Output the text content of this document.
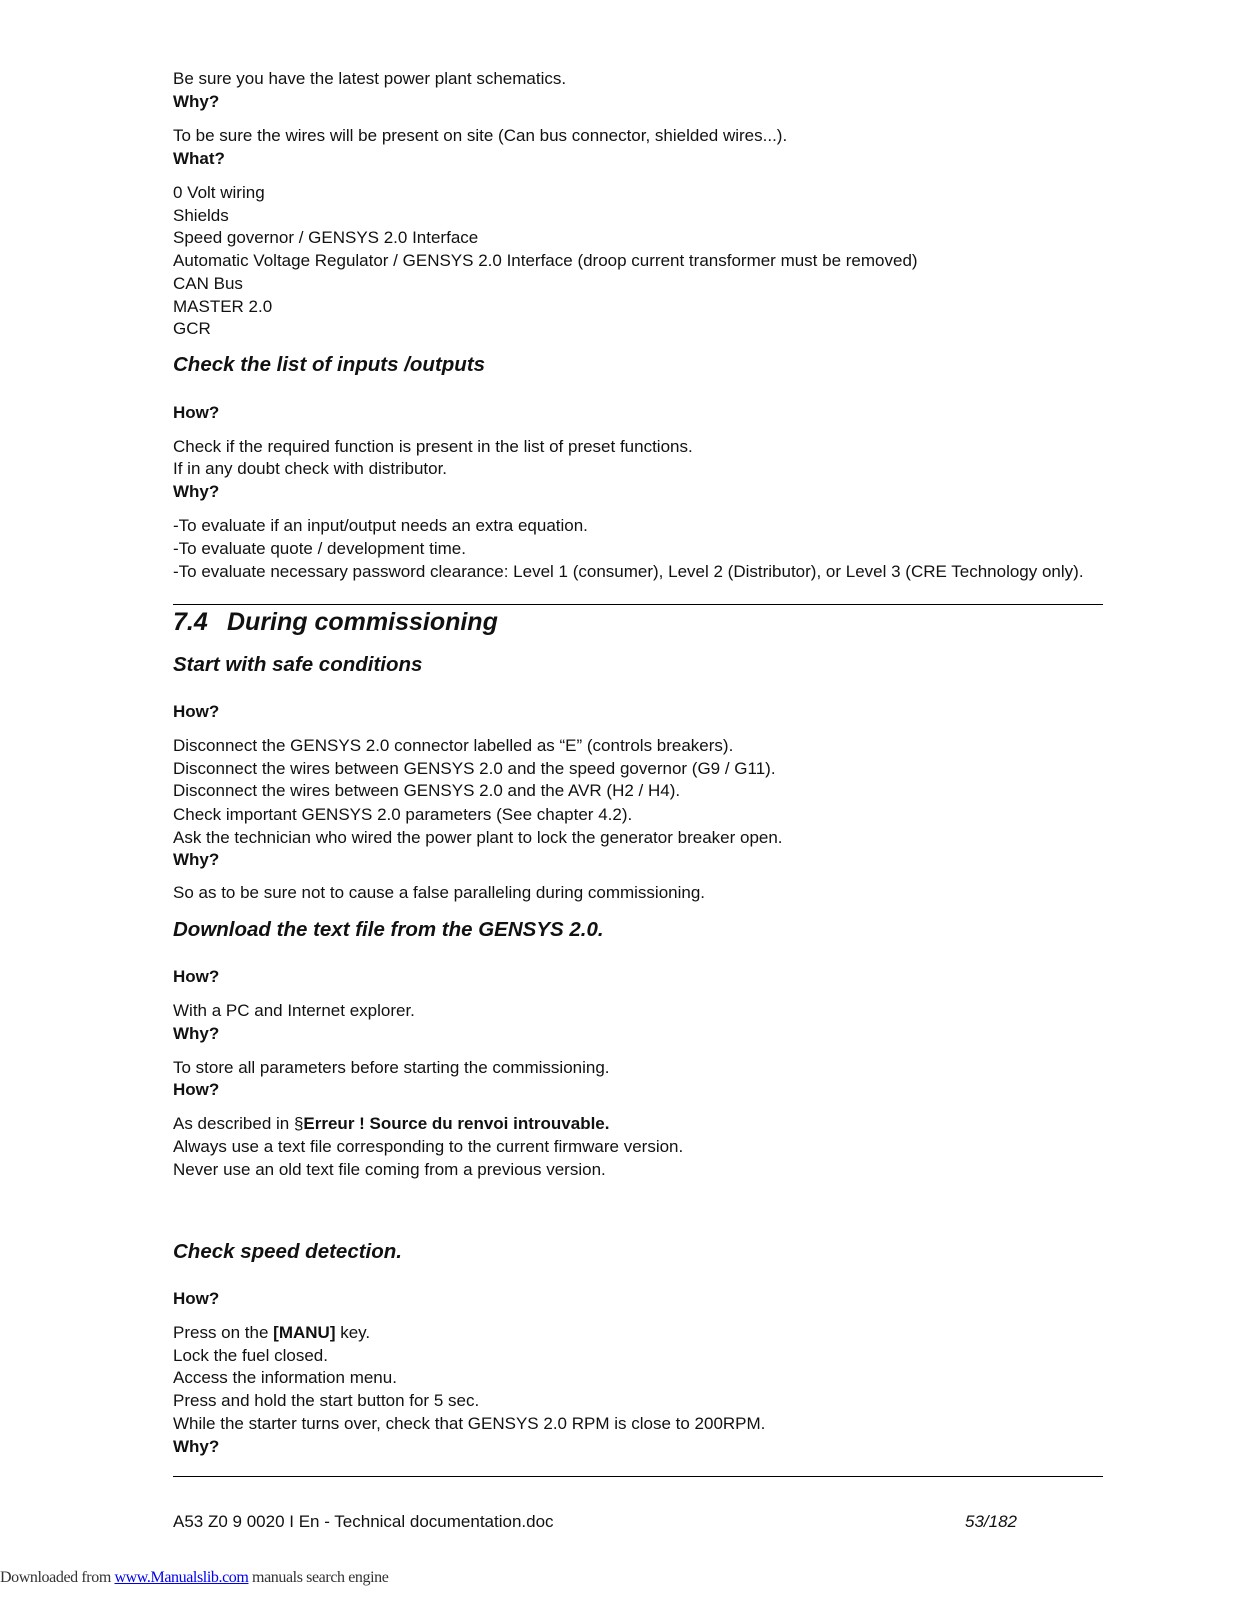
Be sure you have the latest power plant schematics.
Why?
To be sure the wires will be present on site (Can bus connector, shielded wires...).
What?
0 Volt wiring
Shields
Speed governor / GENSYS 2.0 Interface
Automatic Voltage Regulator / GENSYS 2.0 Interface (droop current transformer must be removed)
CAN Bus
MASTER 2.0
GCR
Check the list of inputs /outputs
How?
Check if the required function is present in the list of preset functions.
If in any doubt check with distributor.
Why?
-To evaluate if an input/output needs an extra equation.
-To evaluate quote / development time.
-To evaluate necessary password clearance: Level 1 (consumer), Level 2 (Distributor), or Level 3 (CRE Technology only).
7.4 During commissioning
Start with safe conditions
How?
Disconnect the GENSYS 2.0 connector labelled as “E” (controls breakers).
Disconnect the wires between GENSYS 2.0 and the speed governor (G9 / G11).
Disconnect the wires between GENSYS 2.0 and the AVR (H2 / H4).
Check important GENSYS 2.0 parameters (See chapter 4.2).
Ask the technician who wired the power plant to lock the generator breaker open.
Why?
So as to be sure not to cause a false paralleling during commissioning.
Download the text file from the GENSYS 2.0.
How?
With a PC and Internet explorer.
Why?
To store all parameters before starting the commissioning.
How?
As described in §Erreur ! Source du renvoi introuvable.
Always use a text file corresponding to the current firmware version.
Never use an old text file coming from a previous version.
Check speed detection.
How?
Press on the [MANU] key.
Lock the fuel closed.
Access the information menu.
Press and hold the start button for 5 sec.
While the starter turns over, check that GENSYS 2.0 RPM is close to 200RPM.
Why?
A53 Z0 9 0020 I En - Technical documentation.doc	53/182
Downloaded from www.Manualslib.com manuals search engine
